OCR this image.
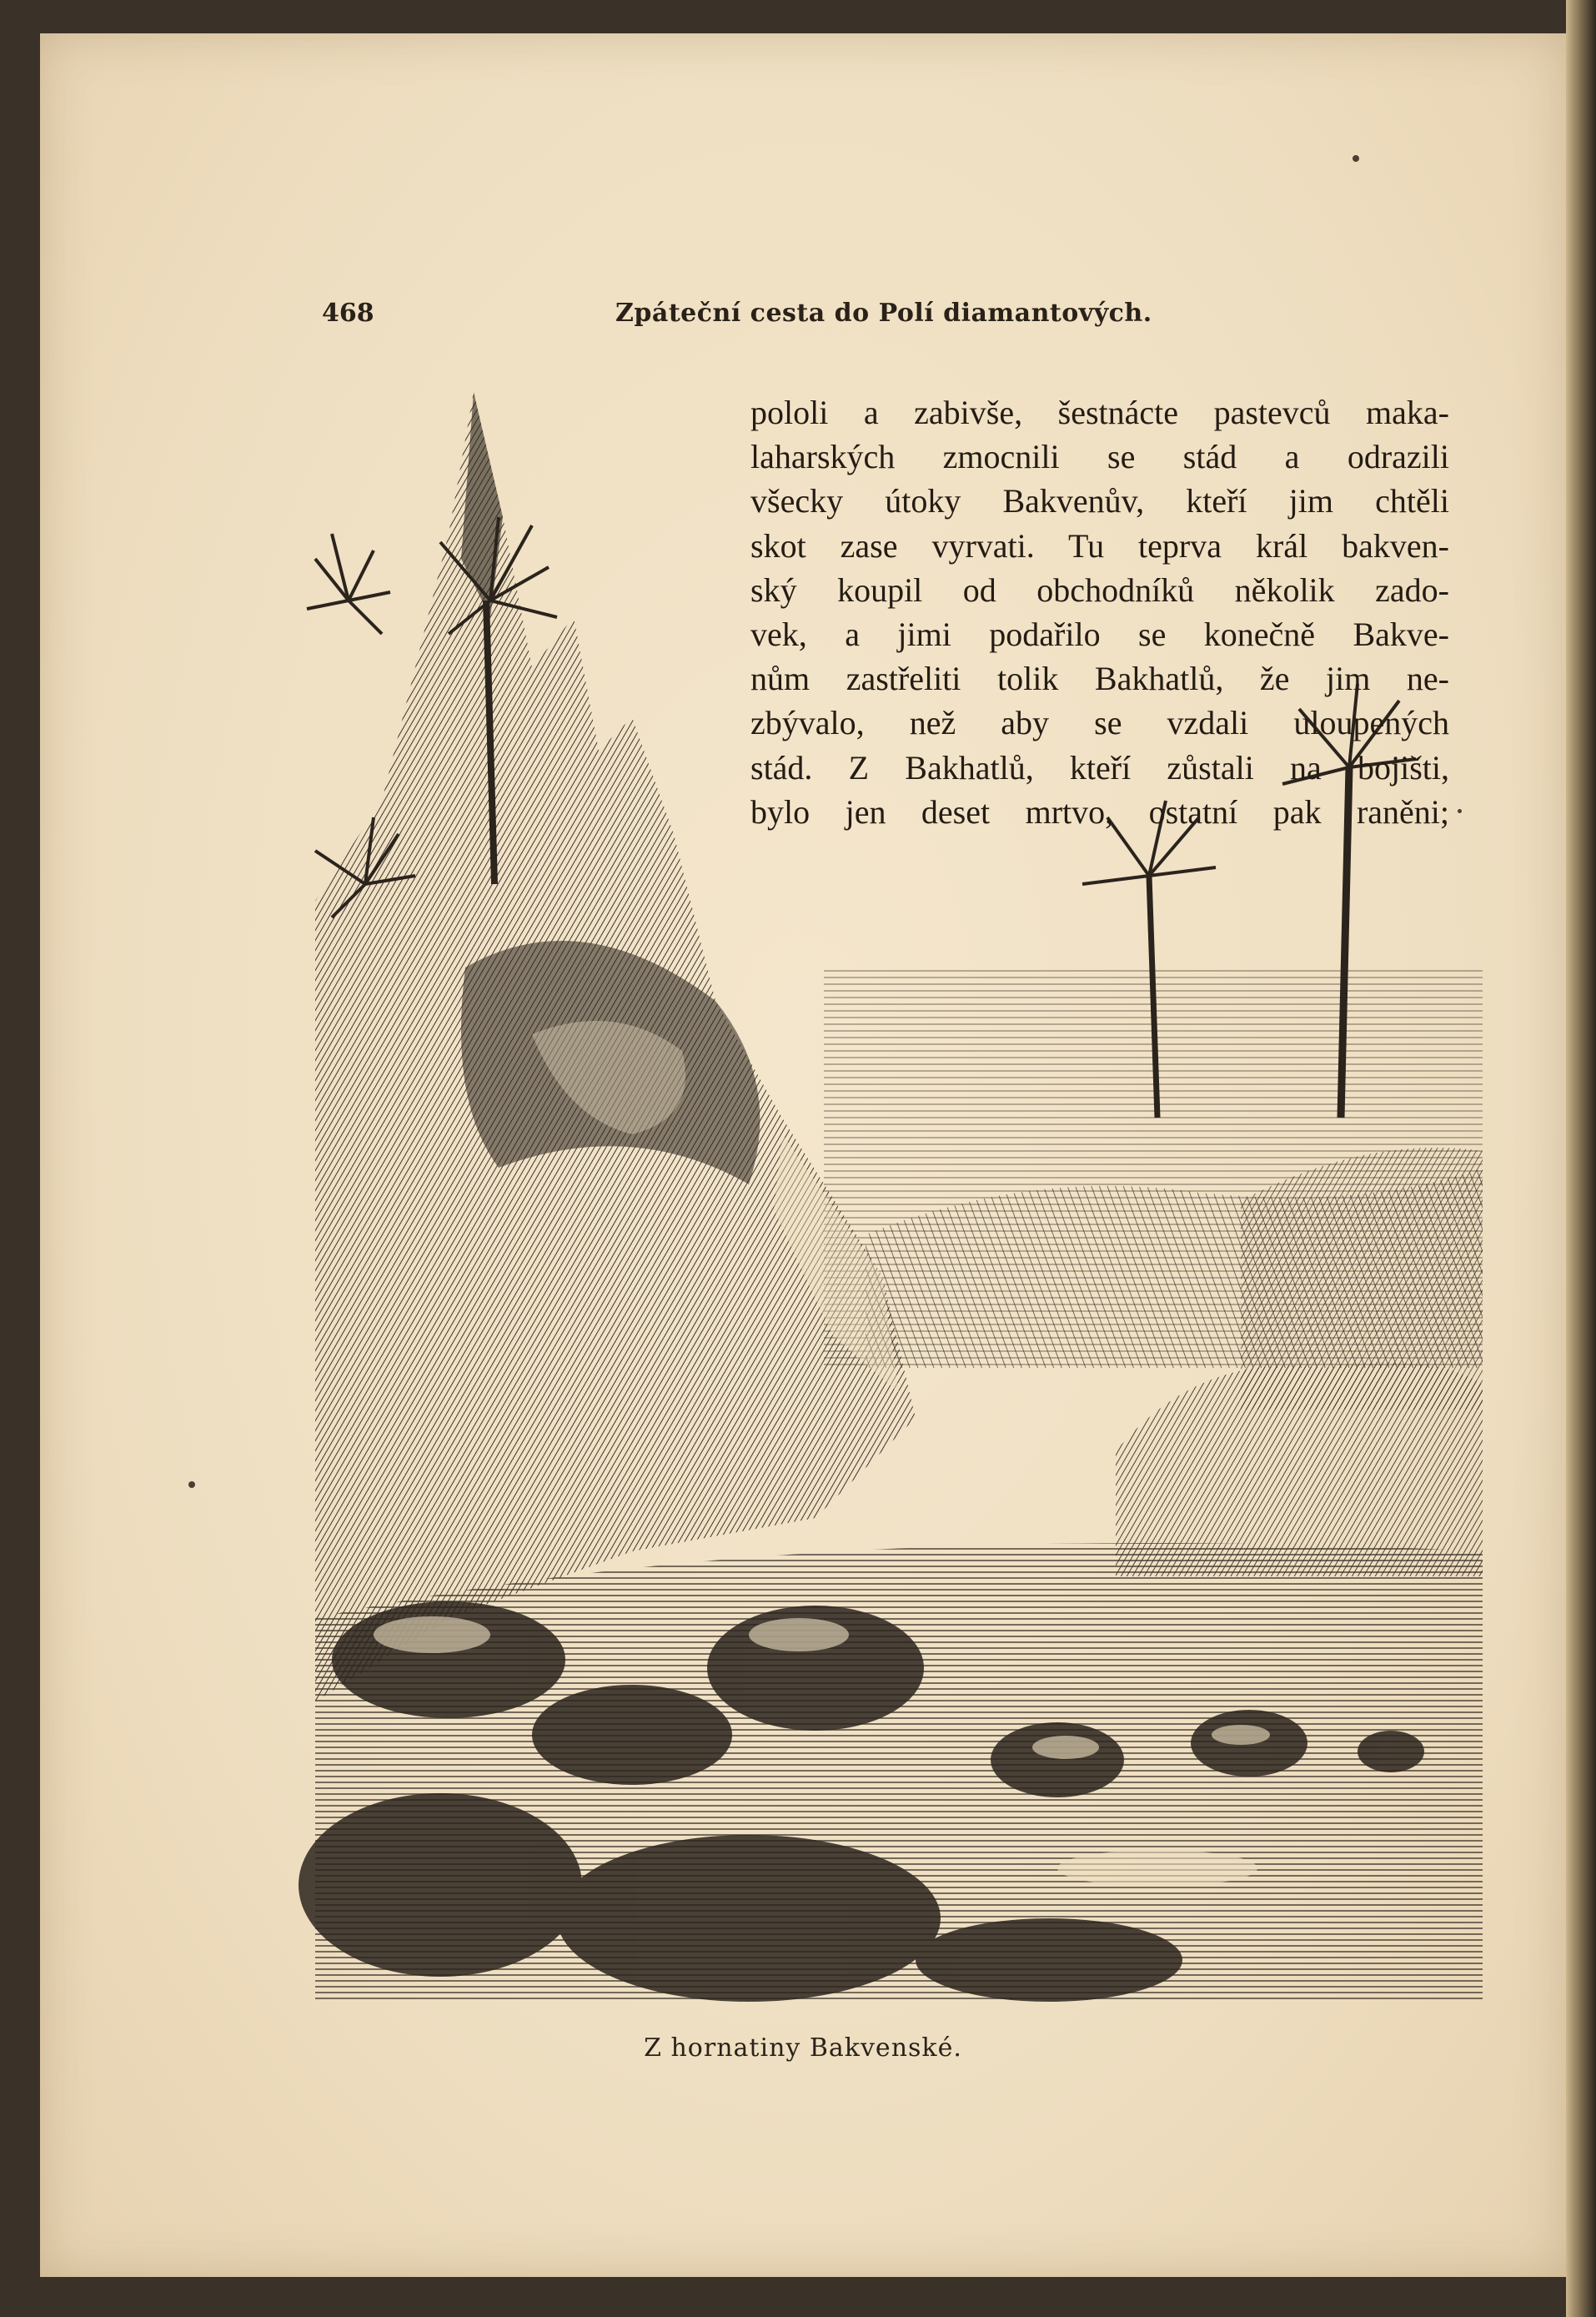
468	Zpáteční cesta do Polí diamantových.
pololi a zabivše, šestnácte pastevců maka-
laharských zmocnili se stád a odrazili
všecky útoky Bakvenův, kteří jim chtěli
skot zase vyrvati. Tu teprva král bakven-
ský koupil od obchodníků několik zado-
vek, a jimi podařilo se konečně Bakve-
nům zastřeliti tolik Bakhatlů, že jim ne-
zbývalo, než aby se vzdali uloupených
stád. Z Bakhatlů, kteří zůstali na bojišti,
bylo jen deset mrtvo, ostatní pak raněni;
Z hornatiny Bakvenské.
